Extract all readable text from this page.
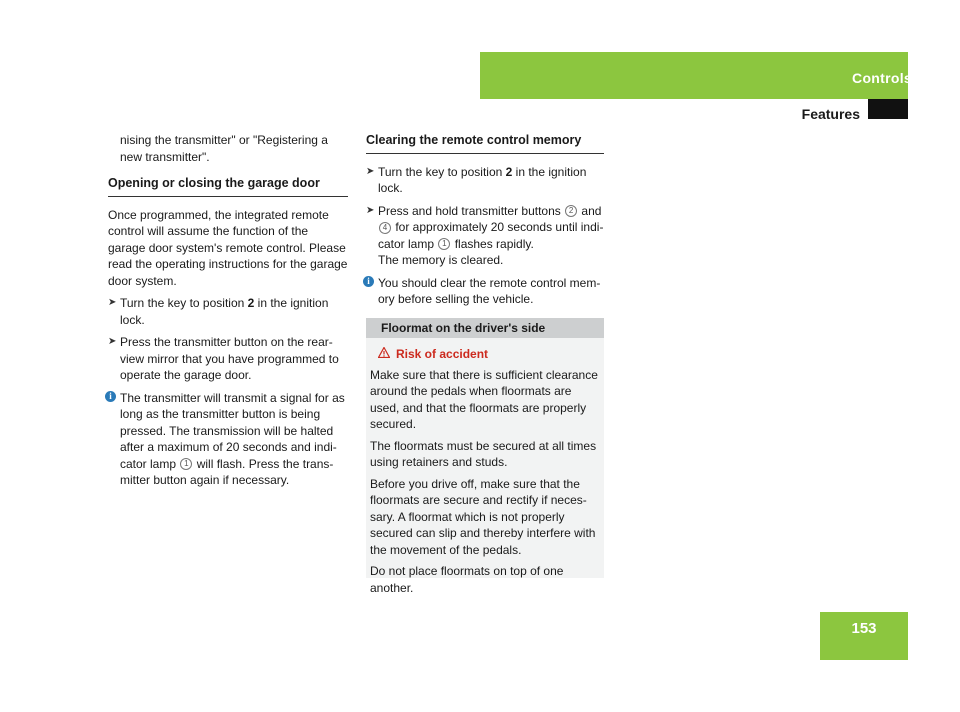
Controls
Features
nising the transmitter" or "Registering a
new transmitter".
Opening or closing the garage door

Once programmed, the integrated remote control will assume the function of the garage door system's remote control. Please read the operating instructions for the garage door system.

➤ Turn the key to position 2 in the ignition lock.
➤ Press the transmitter button on the rear-view mirror that you have programmed to operate the garage door.
i The transmitter will transmit a signal for as long as the transmitter button is being pressed. The transmission will be halted after a maximum of 20 seconds and indi-cator lamp 1 will flash. Press the trans-mitter button again if necessary.
Clearing the remote control memory
➤ Turn the key to position 2 in the ignition lock.
➤ Press and hold transmitter buttons 2 and 4 for approximately 20 seconds until indi-cator lamp 1 flashes rapidly.
The memory is cleared.
i You should clear the remote control mem-ory before selling the vehicle.
Floormat on the driver's side
Risk of accident

Make sure that there is sufficient clearance around the pedals when floormats are used, and that the floormats are properly secured.

The floormats must be secured at all times using retainers and studs.

Before you drive off, make sure that the floormats are secure and rectify if neces-sary. A floormat which is not properly secured can slip and thereby interfere with the movement of the pedals.

Do not place floormats on top of one another.

153
